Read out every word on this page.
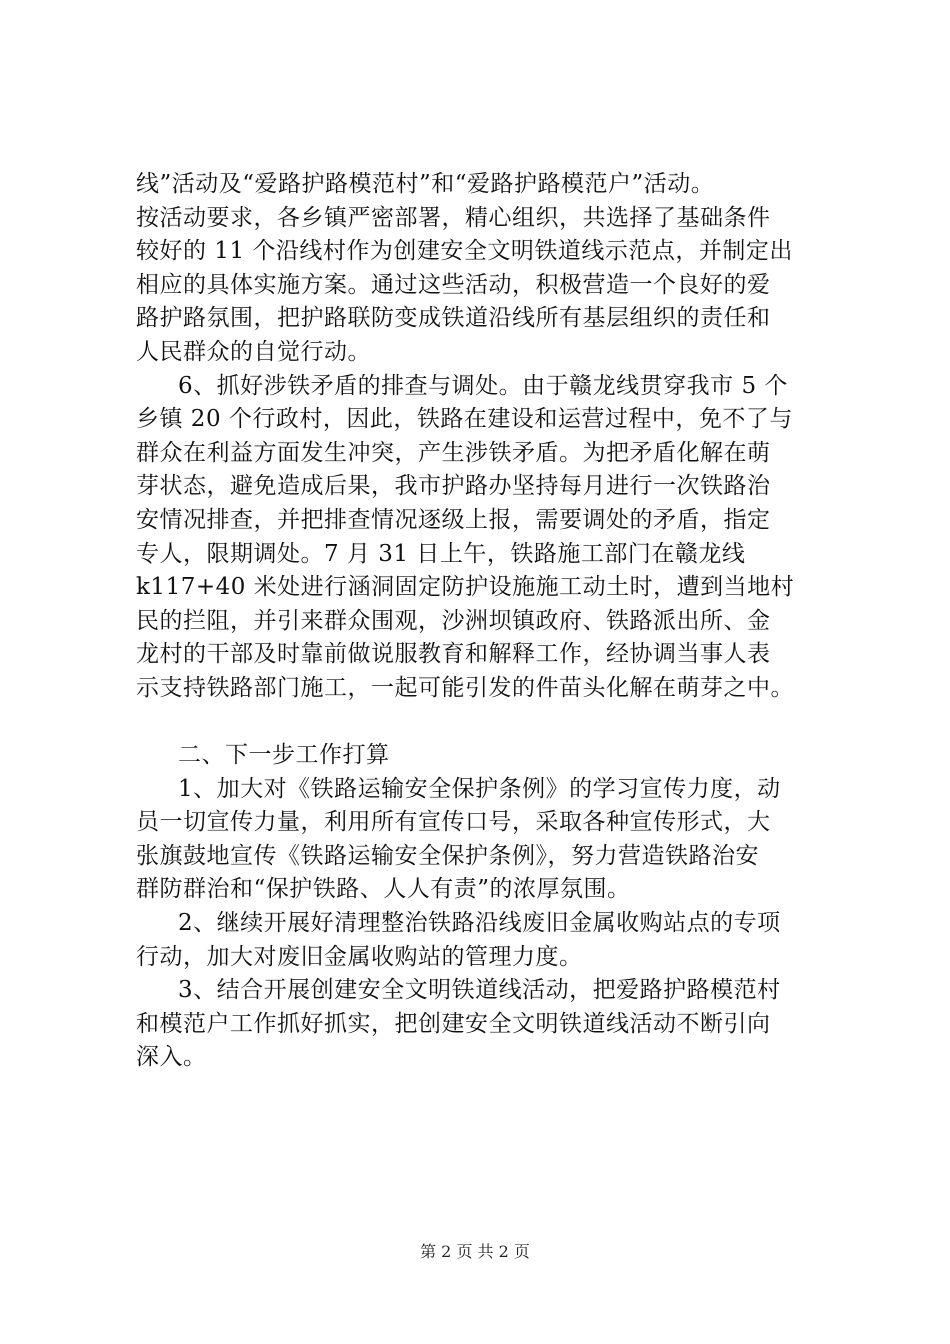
线”活动及“爱路护路模范村”和“爱路护路模范户”活动。
按活动要求，各乡镇严密部署，精心组织，共选择了基础条件
较好的 11 个沿线村作为创建安全文明铁道线示范点，并制定出
相应的具体实施方案。通过这些活动，积极营造一个良好的爱
路护路氛围，把护路联防变成铁道沿线所有基层组织的责任和
人民群众的自觉行动。
6、抓好涉铁矛盾的排查与调处。由于赣龙线贯穿我市 5 个
乡镇 20 个行政村，因此，铁路在建设和运营过程中，免不了与
群众在利益方面发生冲突，产生涉铁矛盾。为把矛盾化解在萌
芽状态，避免造成后果，我市护路办坚持每月进行一次铁路治
安情况排查，并把排查情况逐级上报，需要调处的矛盾，指定
专人，限期调处。7 月 31 日上午，铁路施工部门在赣龙线
k117+40 米处进行涵洞固定防护设施施工动土时，遭到当地村
民的拦阻，并引来群众围观，沙洲坝镇政府、铁路派出所、金
龙村的干部及时靠前做说服教育和解释工作，经协调当事人表
示支持铁路部门施工，一起可能引发的件苗头化解在萌芽之中。
二、下一步工作打算
1、加大对《铁路运输安全保护条例》的学习宣传力度，动
员一切宣传力量，利用所有宣传口号，采取各种宣传形式，大
张旗鼓地宣传《铁路运输安全保护条例》，努力营造铁路治安
群防群治和“保护铁路、人人有责”的浓厚氛围。
2、继续开展好清理整治铁路沿线废旧金属收购站点的专项
行动，加大对废旧金属收购站的管理力度。
3、结合开展创建安全文明铁道线活动，把爱路护路模范村
和模范户工作抓好抓实，把创建安全文明铁道线活动不断引向
深入。
第 2 页 共 2 页
